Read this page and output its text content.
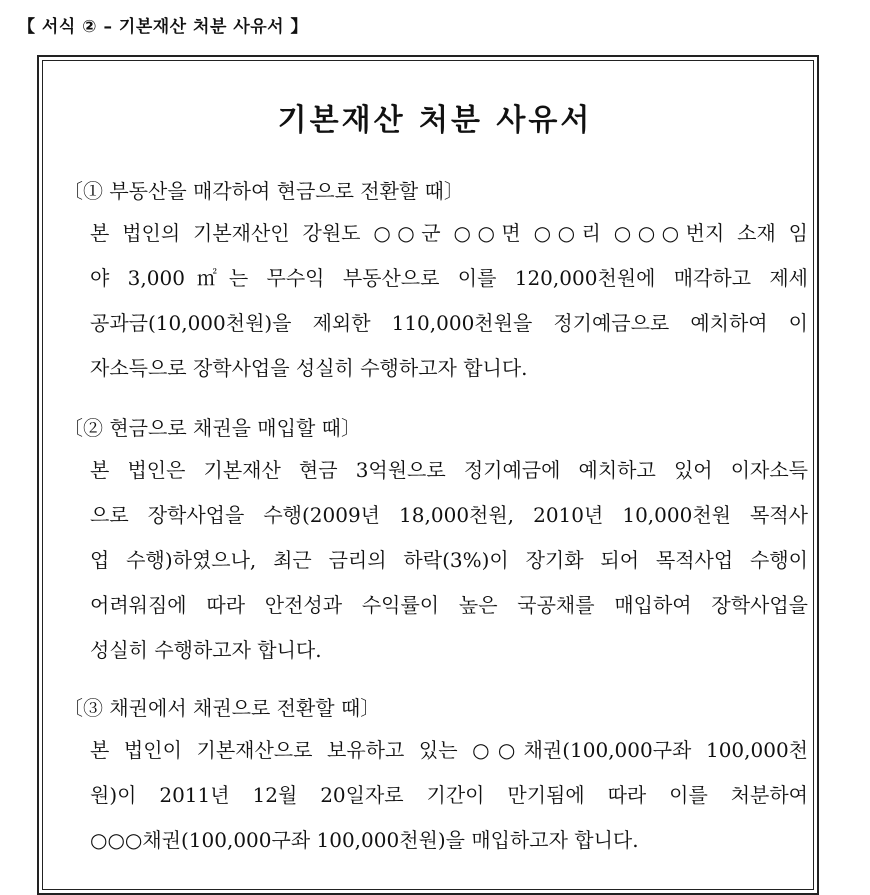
【 서식 ② – 기본재산 처분 사유서 】
기본재산 처분 사유서

〔① 부동산을 매각하여 현금으로 전환할 때〕

본 법인의 기본재산인 강원도 ○○군 ○○면 ○○리 ○○○번지 소재 임
야 3,000㎡는 무수익 부동산으로 이를 120,000천원에 매각하고 제세
공과금(10,000천원)을 제외한 110,000천원을 정기예금으로 예치하여 이
자소득으로 장학사업을 성실히 수행하고자 합니다.

〔② 현금으로 채권을 매입할 때〕

본 법인은 기본재산 현금 3억원으로 정기예금에 예치하고 있어 이자소득
으로 장학사업을 수행(2009년 18,000천원, 2010년 10,000천원 목적사
업 수행)하였으나, 최근 금리의 하락(3%)이 장기화 되어 목적사업 수행이
어려워짐에 따라 안전성과 수익률이 높은 국공채를 매입하여 장학사업을
성실히 수행하고자 합니다.

〔③ 채권에서 채권으로 전환할 때〕

본 법인이 기본재산으로 보유하고 있는 ○○채권(100,000구좌 100,000천
원)이 2011년 12월 20일자로 기간이 만기됨에 따라 이를 처분하여
○○○채권(100,000구좌 100,000천원)을 매입하고자 합니다.
